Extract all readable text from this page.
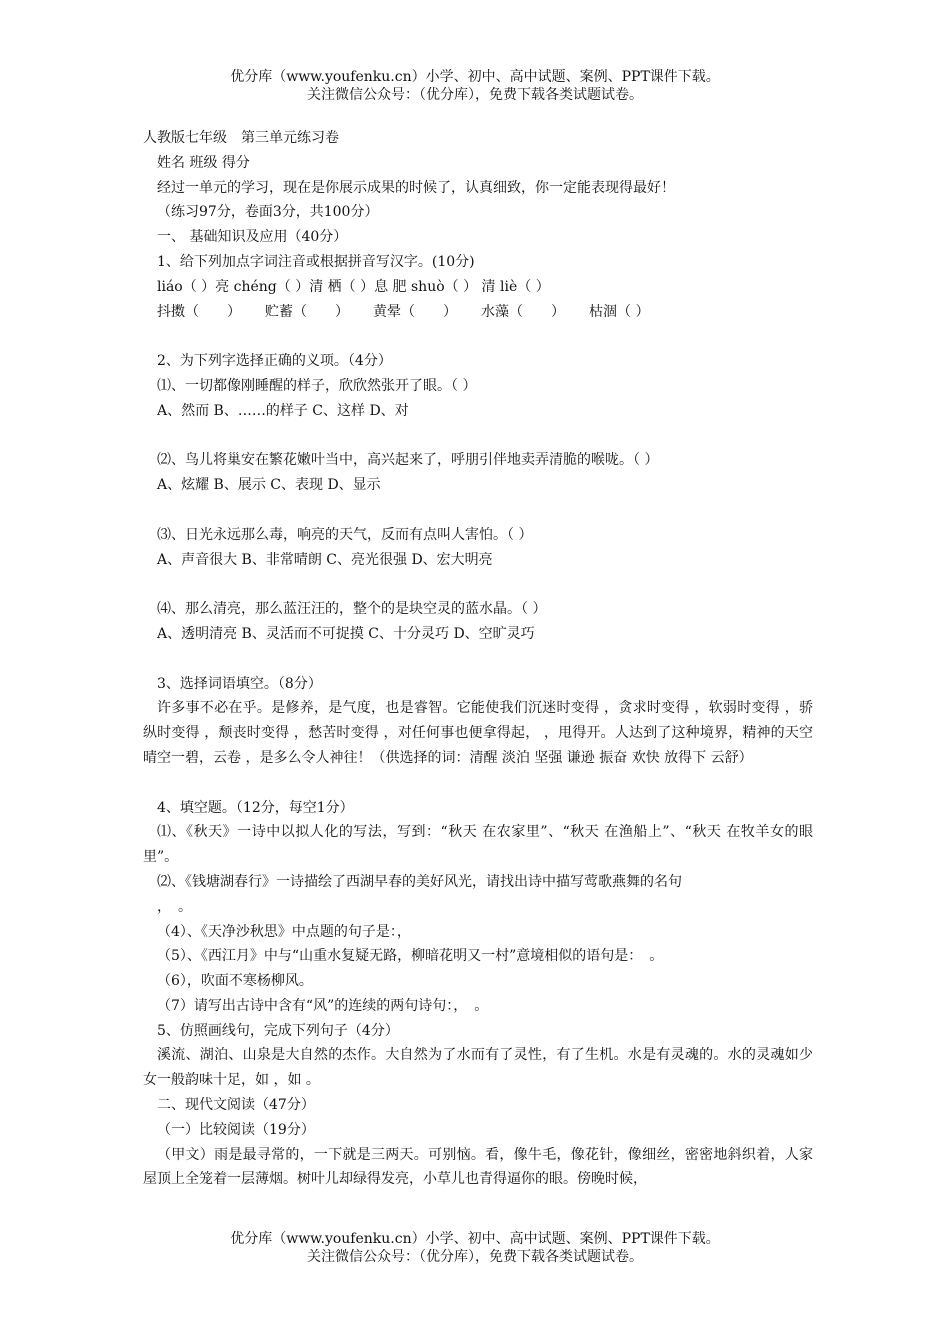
优分库（www.youfenku.cn）小学、初中、高中试题、案例、PPT课件下载。
关注微信公众号：（优分库），免费下载各类试题试卷。

人教版七年级　第三单元练习卷

姓名 班级 得分

经过一单元的学习，现在是你展示成果的时候了，认真细致，你一定能表现得最好！

（练习97分，卷面3分，共100分）

一、 基础知识及应用（40分）

1、给下列加点字词注音或根据拼音写汉字。(10分)

liáo（ ）亮 chéng（ ）清 栖（ ）息 肥 shuò（ ） 清 liè（ ）

抖擞（　　） 贮蓄（　　） 黄晕（　　） 水藻（　　） 枯涸（ ）

2、为下列字选择正确的义项。（4分）

⑴、一切都像刚睡醒的样子，欣欣然张开了眼。（ ）

A、然而 B、……的样子 C、这样 D、对

⑵、鸟儿将巢安在繁花嫩叶当中，高兴起来了，呼朋引伴地卖弄清脆的喉咙。（ ）

A、炫耀 B、展示 C、表现 D、显示

⑶、日光永远那么毒，响亮的天气，反而有点叫人害怕。（ ）

A、声音很大 B、非常晴朗 C、亮光很强 D、宏大明亮

⑷、那么清亮，那么蓝汪汪的，整个的是块空灵的蓝水晶。（ ）

A、透明清亮 B、灵活而不可捉摸 C、十分灵巧 D、空旷灵巧

3、选择词语填空。（8分）

许多事不必在乎。是修养，是气度，也是睿智。它能使我们沉迷时变得 ，贪求时变得 ，软弱时变得 ，骄纵时变得 ，颓丧时变得 ，愁苦时变得 ，对任何事也便拿得起， ，甩得开。人达到了这种境界，精神的天空晴空一碧，云卷 ，是多么令人神往！（供选择的词：清醒 淡泊 坚强 谦逊 振奋 欢快 放得下 云舒）

4、填空题。（12分，每空1分）

⑴、《秋天》一诗中以拟人化的写法，写到：“秋天 在农家里”、“秋天 在渔船上”、“秋天 在牧羊女的眼里”。

⑵、《钱塘湖春行》一诗描绘了西湖早春的美好风光，请找出诗中描写莺歌燕舞的名句

，　。

（4）、《天净沙秋思》中点题的句子是：，

（5）、《西江月》中与“山重水复疑无路，柳暗花明又一村”意境相似的语句是：　。

（6），吹面不寒杨柳风。

（7）请写出古诗中含有“风”的连续的两句诗句：，　。

5、仿照画线句，完成下列句子（4分）

溪流、湖泊、山泉是大自然的杰作。大自然为了水而有了灵性，有了生机。水是有灵魂的。水的灵魂如少女一般韵味十足，如 ，如 。

二、现代文阅读（47分）

（一）比较阅读（19分）

（甲文）雨是最寻常的，一下就是三两天。可别恼。看，像牛毛，像花针，像细丝，密密地斜织着，人家屋顶上全笼着一层薄烟。树叶儿却绿得发亮，小草儿也青得逼你的眼。傍晚时候，

优分库（www.youfenku.cn）小学、初中、高中试题、案例、PPT课件下载。
关注微信公众号：（优分库），免费下载各类试题试卷。
